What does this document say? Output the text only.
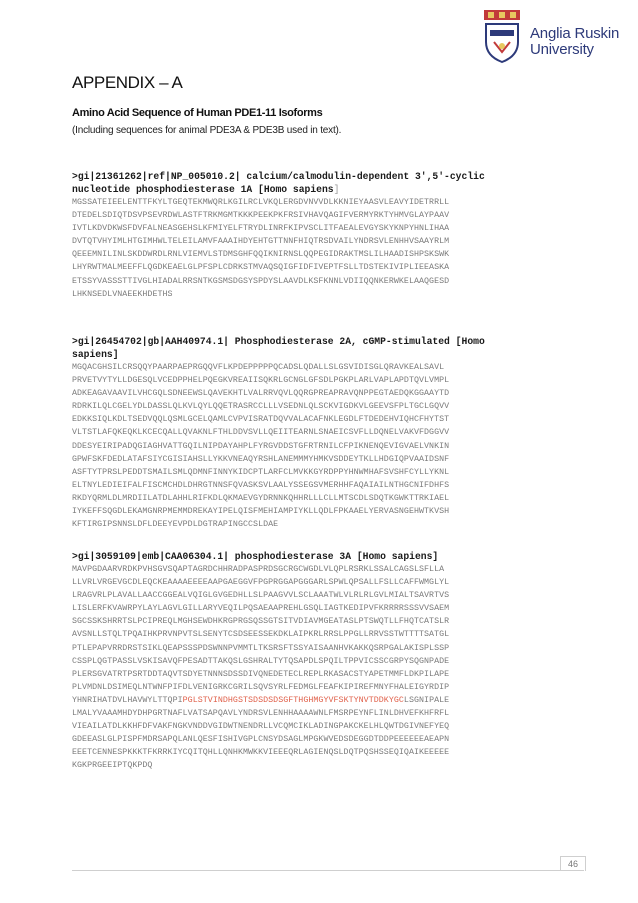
Anglia Ruskin
University
APPENDIX – A
Amino Acid Sequence of Human PDE1-11 Isoforms

(Including sequences for animal PDE3A & PDE3B used in text).

>gi|21361262|ref|NP_005010.2| calcium/calmodulin-dependent 3',5'-cyclic
nucleotide phosphodiesterase 1A [Homo sapiens]
MGSSATEIEELENTTFKYLTGEQTEKMWQRLKGILRCLVKQLERGDVNVVDLKKNIEYAASVLEAVYIDETRRLL
DTEDELSDIQTDSVPSEVRDWLASTFTRKMGMTKKKPEEKPKFRSIVHAVQAGIFVERMYRKTYHMVGLAYPAAV
IVTLKDVDKWSFDVFALNEASGEHSLKFMIYELFTRYDLINRFKIPVSCLITFAEALEVGYSKYKNPYHNLIHAA
DVTQTVHYIMLHTGIMHWLTELEILAMVFAAAIHDYEHTGTTNNFHIQTRSDVAILYNDRSVLENHHVSAAYRLM
QEEEMNILINLSKDDWRDLRNLVIEMVLSTDMSGHFQQIKNIRNSLQQPEGIDRAKTMSLILHAADISHPSKSWK
LHYRWTMALMEEFFLQGDKEAELGLPFSPLCDRKSTMVAQSQIGFIDFIVEPTFSLLTDSTEKIVIPLIEEASKA
ETSSYVASSSTTIVGLHIADALRRSNTKGSMSDGSYSPDYSLAAVDLKSFKNNLVDIIQQNKERWKELAAQGESD
LHKNSEDLVNAEEKHDETHS
>gi|26454702|gb|AAH40974.1| Phosphodiesterase 2A, cGMP-stimulated [Homo
sapiens]
MGQACGHSILCRSQQYPAARPAEPRGQQVFLKPDEPPPPPQCADSLQDALLSLGSVIDISGLQRAVKEALSAVL
PRVETVYTYLLDGESQLVCEDPPHELPQEGKVREAIISQKRLGCNGLGFSDLPGKPLARLVAPLAPDTQVLVMPL
ADKEAGAVAAVILVHCGQLSDNEEWSLQAVEKHTLVALRRVQVLQQRGPREAPRAVQNPPEGTAEDQKGGAAYTD
RDRKILQLCGELYDLDASSLQLKVLQYLQQETRASRCCLLLVSEDNLQLSCKVIGDKVLGEEVSFPLTGCLGQVV
EDKKSIQLKDLTSEDVQQLQSMLGCELQAMLCVPVISRATDQVVALACAFNKLEGDLFTDEDEHVIQHCFHYTST
VLTSTLAFQKEQKLKCECQALLQVAKNLFTHLDDVSVLLQEIITEARNLSNAEICSVFLLDQNELVAKVFDGGVV
DDESYEIRIPADQGIAGHVATTGQILNIPDAYAHPLFYRGVDDSTGFRTRNILCFPIKNENQEVIGVAELVNKIN
GPWFSKFDEDLATAFSIYCGISIAHSLLYKKVNEAQYRSHLANEMMMYHMKVSDDEYTKLLHDGIQPVAAIDSNF
ASFTYTPRSLPEDDTSMAILSMLQDMNFINNYKIDCPTLARFCLMVKKGYRDPPYHNWMHAFSVSHFCYLLYKNL
ELTNYLEDIEIFALFISCMCHDLDHRGTNNSFQVASKSVLAALYSSEGSVMERHHFAQAIAILNTHGCNIFDHFS
RKDYQRMLDLMRDIILATDLAHHLRIFKDLQKMAEVGYDRNNKQHHRLLLCLLMTSCDLSDQTKGWKTTRKIAEL
IYKEFFSQGDLEKAMGNRPMEMMDREKAYIPELQISFMEHIAMPIYKLLQDLFPKAAELYERVASNGEHWTKVSH
KFTIRGIPSNNSLDFLDEEYEVPDLDGTRAPINGCCSLDAE
>gi|3059109|emb|CAA06304.1| phosphodiesterase 3A [Homo sapiens]
MAVPGDAARVRDKPVHSGVSQAPTAGRDCHHRADPASPRDSGCRGCWGDLVLQPLRSRKLSSALCAGSLSFLLA
LLVRLVRGEVGCDLEQCKEAAAAEEEEAAPGAEGGVFPGPRGGAPGGGARLSPWLQPSALLFSLLCAFFWMGLYL
LRAGVRLPLAVALLAACCGGEALVQIGLGVGEDHLLSLPAAGVVLSCLAAATWLVLRLRLGVLMIALTSAVRTVS
LISLERFKVAWRPYLAYLAGVLGILLARYVEQILPQSAEAAPREHLGSQLIAGTKEDIPVFKRRRRSSSVVSAEM
SGCSSKSHRRTSLPCIPREQLMGHSEWDHKRGPRGSQSSGTSITVDIAVMGEATASLPTSWQTLLFHQTCATSLR
AVSNLLSTQLTPQAIHKPRVNPVTSLSENYTCSDSEESSEKDKLAIPKRLRRSLPPGLLRRVSSTWTTTTSATGL
PTLEPAPVRRDRSTSIKLQEAPSSSPDSWNNPVMMTLTKSRSFTSSYAISAANHVKAKKQSRPGALAKISPLSSP
CSSPLQGTPASSLVSKISAVQFPESADTTAKQSLGSHRALTYTQSAPDLSPQILTPPVICSSCGRPYSQGNPADE
PLERSGVATRTPSRTDDTAQVTSDYETNNNSDSSDIVQNEDETECLREPLRKASACSTYAPETMMFLDKPILAPE
PLVMDNLDSIMEQLNTWNFPIFDLVENIGRKCGRILSQVSYRLFEDMGLFEAFKIPIREFMNYFHALEIGYRDIP
YHNRIHATDVLHAVWYLTTQPIPGLSTVINDHGSTSDSDSDSGFTHGHMGYVFSKTYNVTDDKYGCLSGNIPALE
LMALYVAAAMHDYDHPGRTNAFLVATSAPQAVLYNDRSVLENHHAAAAWNLFMSRPEYNFLINLDHVEFKHFRFL
VIEAILATDLKKHFDFVAKFNGKVNDDVGIDWTNENDRLLVCQMCIKLADINGPAKCKELHLQWTDGIVNEFYEQ
GDEEASLGLPISPFMDRSAPQLANLQESFISHIVGPLCNSYDSAGLMPGKWVEDSDEGGDTDDPEEEEEEAEAPN
EEETCENNESPKKKTFKRRKIYCQITQHLLQNHKMWKKVIEEEQRLAGIENQSLDQTPQSHSSEQIQAIKEEEEE
KGKPRGEEIPTQKPDQ
46
